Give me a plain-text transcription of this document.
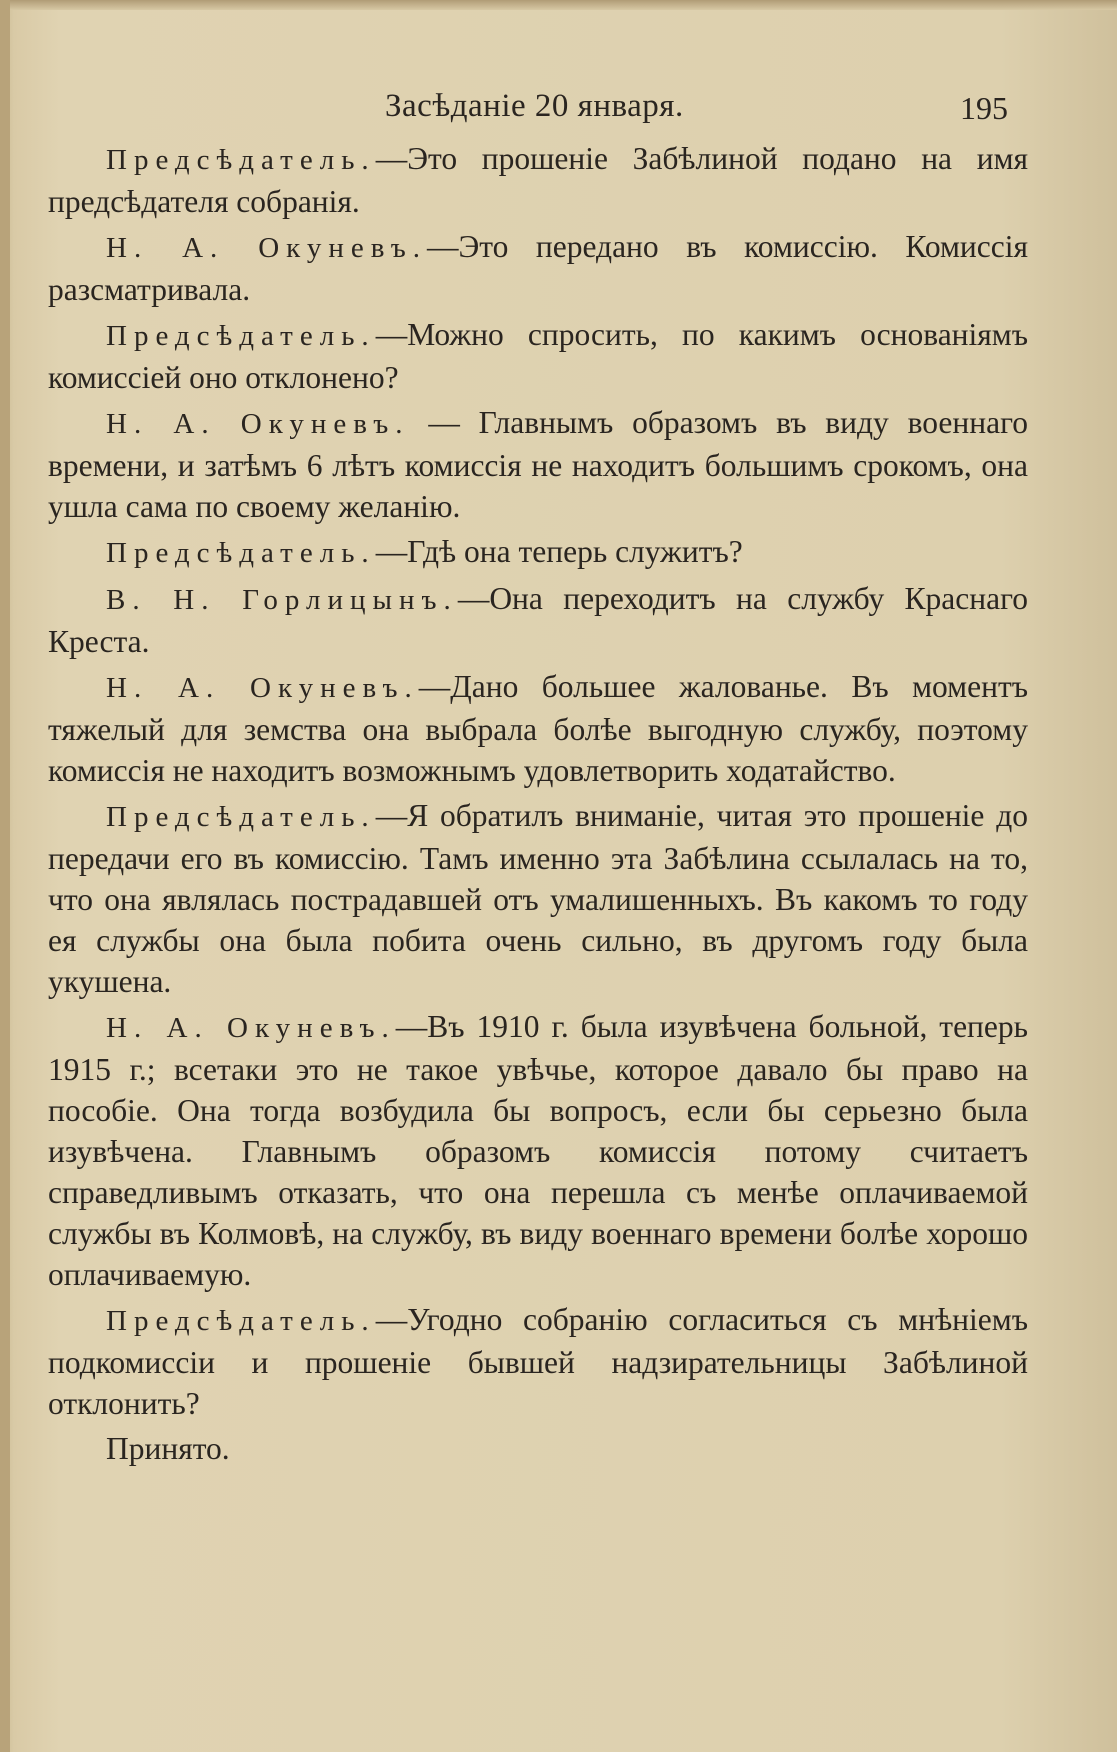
Засѣданіе 20 января.	195

Предсѣдатель.—Это прошеніе Забѣлиной подано на имя предсѣдателя собранія.

Н. А. Окуневъ.—Это передано въ комиссію. Комиссія разсматривала.

Предсѣдатель.—Можно спросить, по какимъ основаніямъ комиссіей оно отклонено?

Н. А. Окуневъ. — Главнымъ образомъ въ виду военнаго времени, и затѣмъ 6 лѣтъ комиссія не находитъ большимъ срокомъ, она ушла сама по своему желанію.

Предсѣдатель.—Гдѣ она теперь служитъ?

В. Н. Горлицынъ.—Она переходитъ на службу Краснаго Креста.

Н. А. Окуневъ.—Дано большее жалованье. Въ моментъ тяжелый для земства она выбрала болѣе выгодную службу, поэтому комиссія не находитъ возможнымъ удовлетворить ходатайство.

Предсѣдатель.—Я обратилъ вниманіе, читая это прошеніе до передачи его въ комиссію. Тамъ именно эта Забѣлина ссылалась на то, что она являлась пострадавшей отъ умалишенныхъ. Въ какомъ то году ея службы она была побита очень сильно, въ другомъ году была укушена.

Н. А. Окуневъ.—Въ 1910 г. была изувѣчена больной, теперь 1915 г.; всетаки это не такое увѣчье, которое давало бы право на пособіе. Она тогда возбудила бы вопросъ, если бы серьезно была изувѣчена. Главнымъ образомъ комиссія потому считаетъ справедливымъ отказать, что она перешла съ менѣе оплачиваемой службы въ Колмовѣ, на службу, въ виду военнаго времени болѣе хорошо оплачиваемую.

Предсѣдатель.—Угодно собранію согласиться съ мнѣніемъ подкомиссіи и прошеніе бывшей надзирательницы Забѣлиной отклонить?

Принято.
